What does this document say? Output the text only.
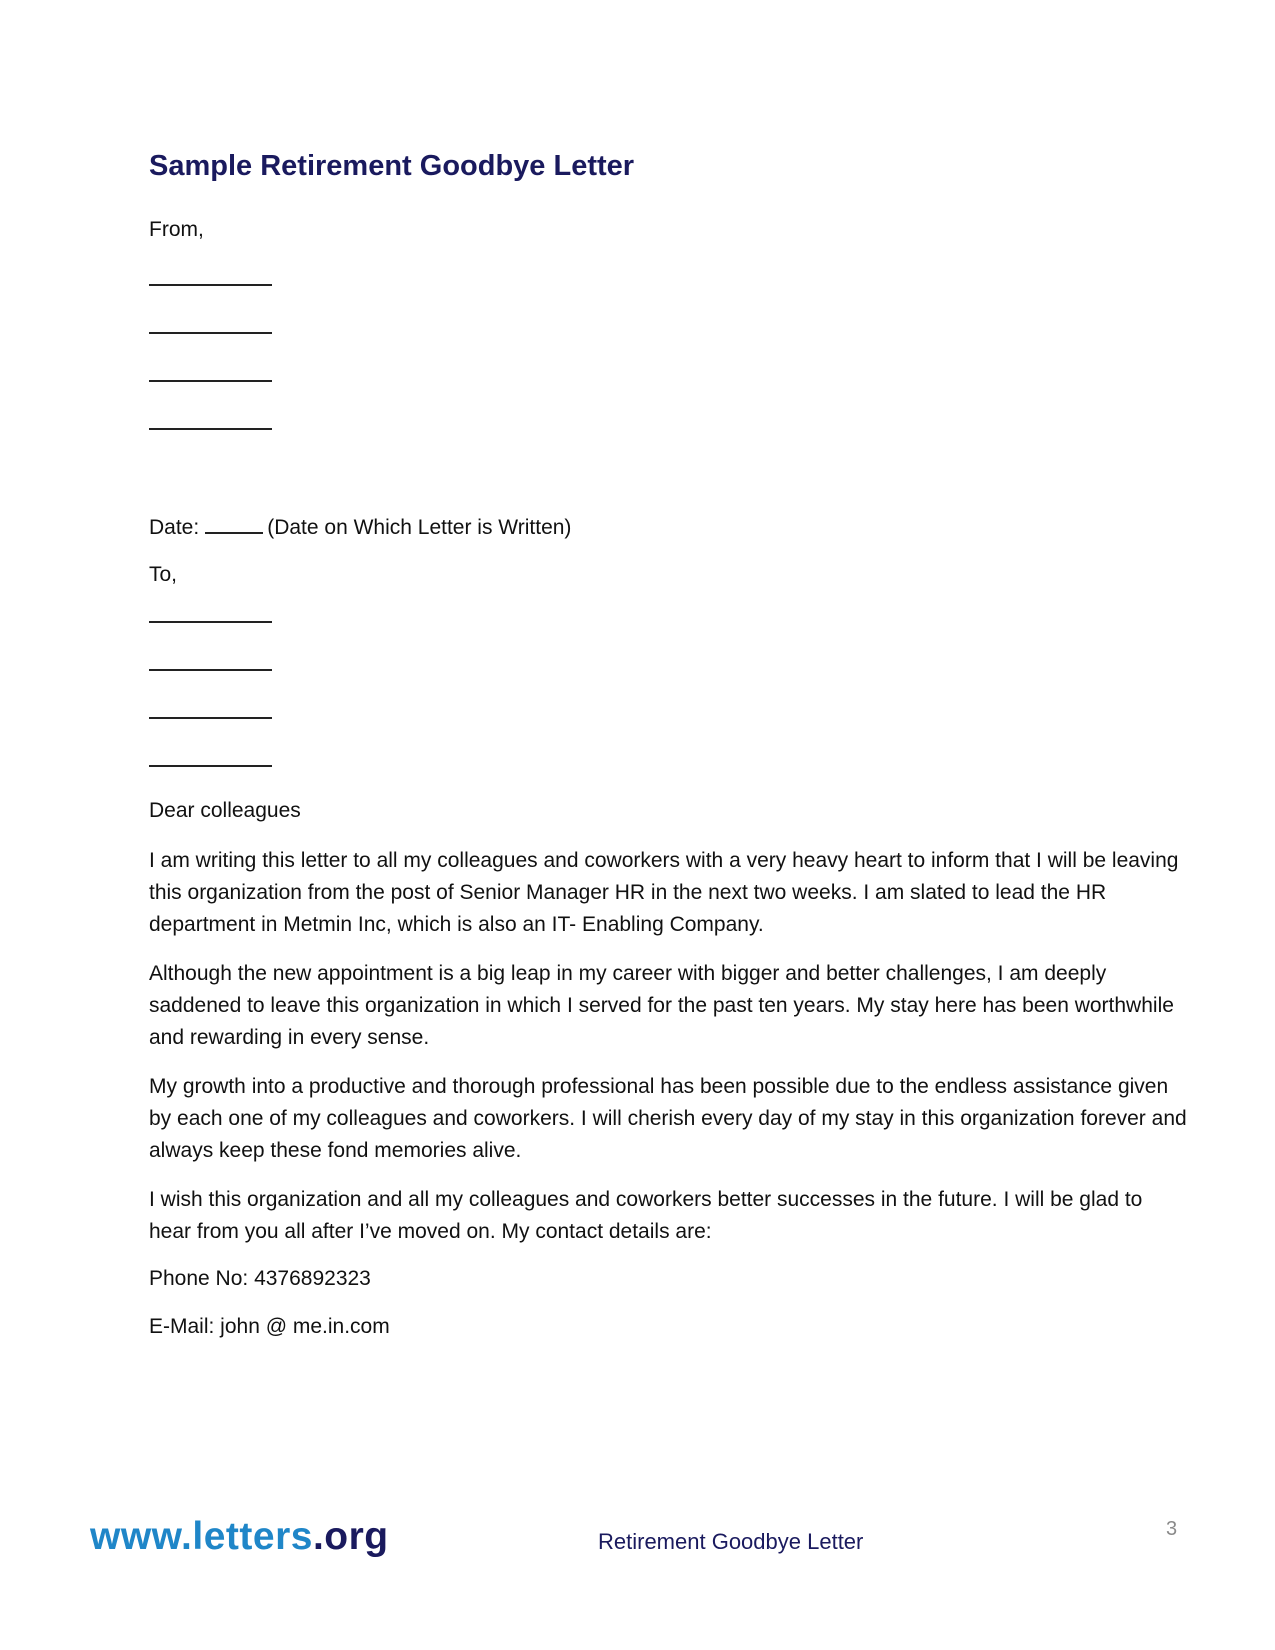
Sample Retirement Goodbye Letter
From,
Date:	(Date on Which Letter is Written)
To,
Dear colleagues

I am writing this letter to all my colleagues and coworkers with a very heavy heart to inform that I will be leaving this organization from the post of Senior Manager HR in the next two weeks. I am slated to lead the HR department in Metmin Inc, which is also an IT- Enabling Company.

Although the new appointment is a big leap in my career with bigger and better challenges, I am deeply saddened to leave this organization in which I served for the past ten years. My stay here has been worthwhile and rewarding in every sense.

My growth into a productive and thorough professional has been possible due to the endless assistance given by each one of my colleagues and coworkers. I will cherish every day of my stay in this organization forever and always keep these fond memories alive.

I wish this organization and all my colleagues and coworkers better successes in the future. I will be glad to hear from you all after I’ve moved on. My contact details are:

Phone No: 4376892323
E-Mail: john @ me.in.com
www.letters.org	Retirement Goodbye Letter	3
